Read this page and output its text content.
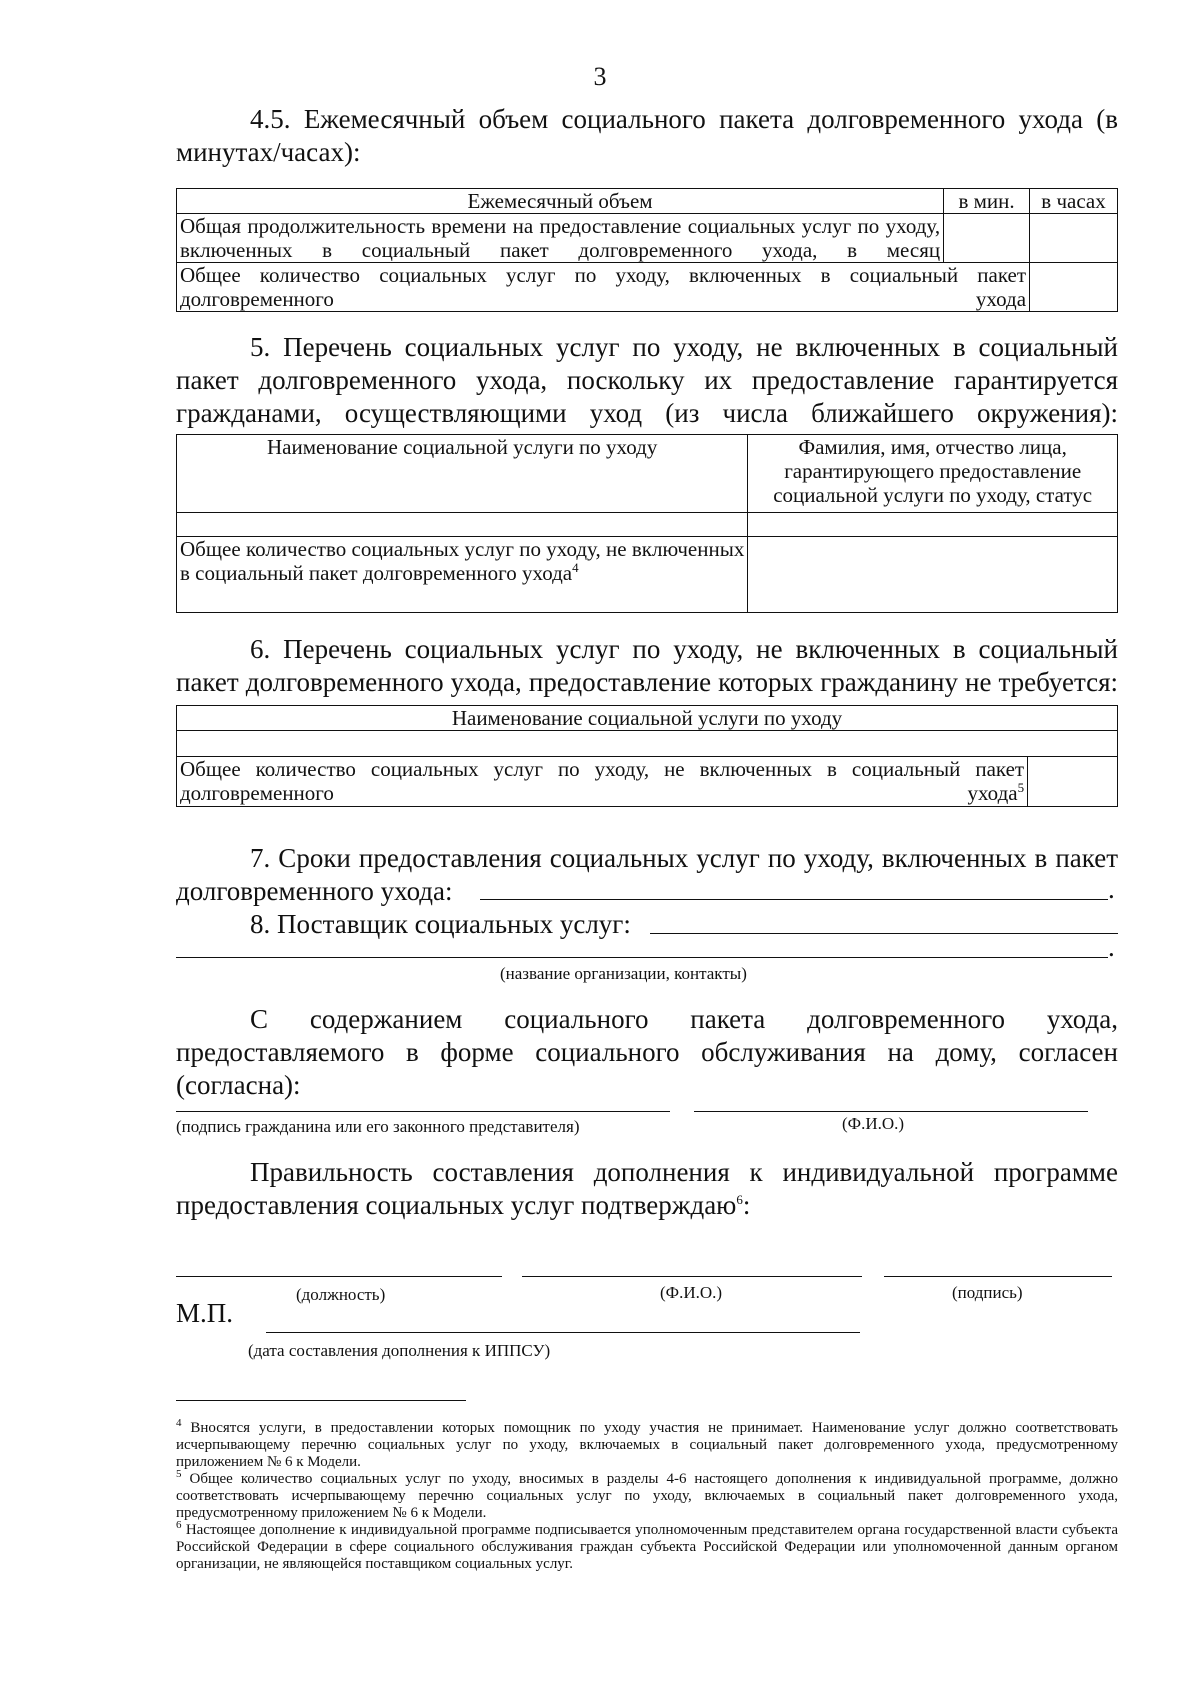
3
4.5. Ежемесячный объем социального пакета долговременного ухода (в минутах/часах):
Ежемесячный объем	в мин.	в часах
Общая продолжительность времени на предоставление социальных услуг по уходу, включенных в социальный пакет долговременного ухода, в месяц		
Общее количество социальных услуг по уходу, включенных в социальный пакет долговременного ухода		
5. Перечень социальных услуг по уходу, не включенных в социальный пакет долговременного ухода, поскольку их предоставление гарантируется гражданами, осуществляющими уход (из числа ближайшего окружения):
Наименование социальной услуги по уходу	Фамилия, имя, отчество лица, гарантирующего предоставление социальной услуги по уходу, статус

Общее количество социальных услуг по уходу, не включенных в социальный пакет долговременного ухода$^4$	
6. Перечень социальных услуг по уходу, не включенных в социальный пакет долговременного ухода, предоставление которых гражданину не требуется:
Наименование социальной услуги по уходу

Общее количество социальных услуг по уходу, не включенных в социальный пакет долговременного ухода$^5$	
7. Сроки предоставления социальных услуг по уходу, включенных в пакет долговременного ухода:	.
8. Поставщик социальных услуг:
.
(название организации, контакты)
С содержанием социального пакета долговременного ухода, предоставляемого в форме социального обслуживания на дому, согласен (согласна):
(подпись гражданина или его законного представителя)	(Ф.И.О.)
Правильность составления дополнения к индивидуальной программе предоставления социальных услуг подтверждаю$^6$:
(должность)	(Ф.И.О.)	(подпись)
М.П.
(дата составления дополнения к ИППСУ)
$^4$ Вносятся услуги, в предоставлении которых помощник по уходу участия не принимает. Наименование услуг должно соответствовать исчерпывающему перечню социальных услуг по уходу, включаемых в социальный пакет долговременного ухода, предусмотренному приложением № 6 к Модели.
$^5$ Общее количество социальных услуг по уходу, вносимых в разделы 4-6 настоящего дополнения к индивидуальной программе, должно соответствовать исчерпывающему перечню социальных услуг по уходу, включаемых в социальный пакет долговременного ухода, предусмотренному приложением № 6 к Модели.
$^6$ Настоящее дополнение к индивидуальной программе подписывается уполномоченным представителем органа государственной власти субъекта Российской Федерации в сфере социального обслуживания граждан субъекта Российской Федерации или уполномоченной данным органом организации, не являющейся поставщиком социальных услуг.
